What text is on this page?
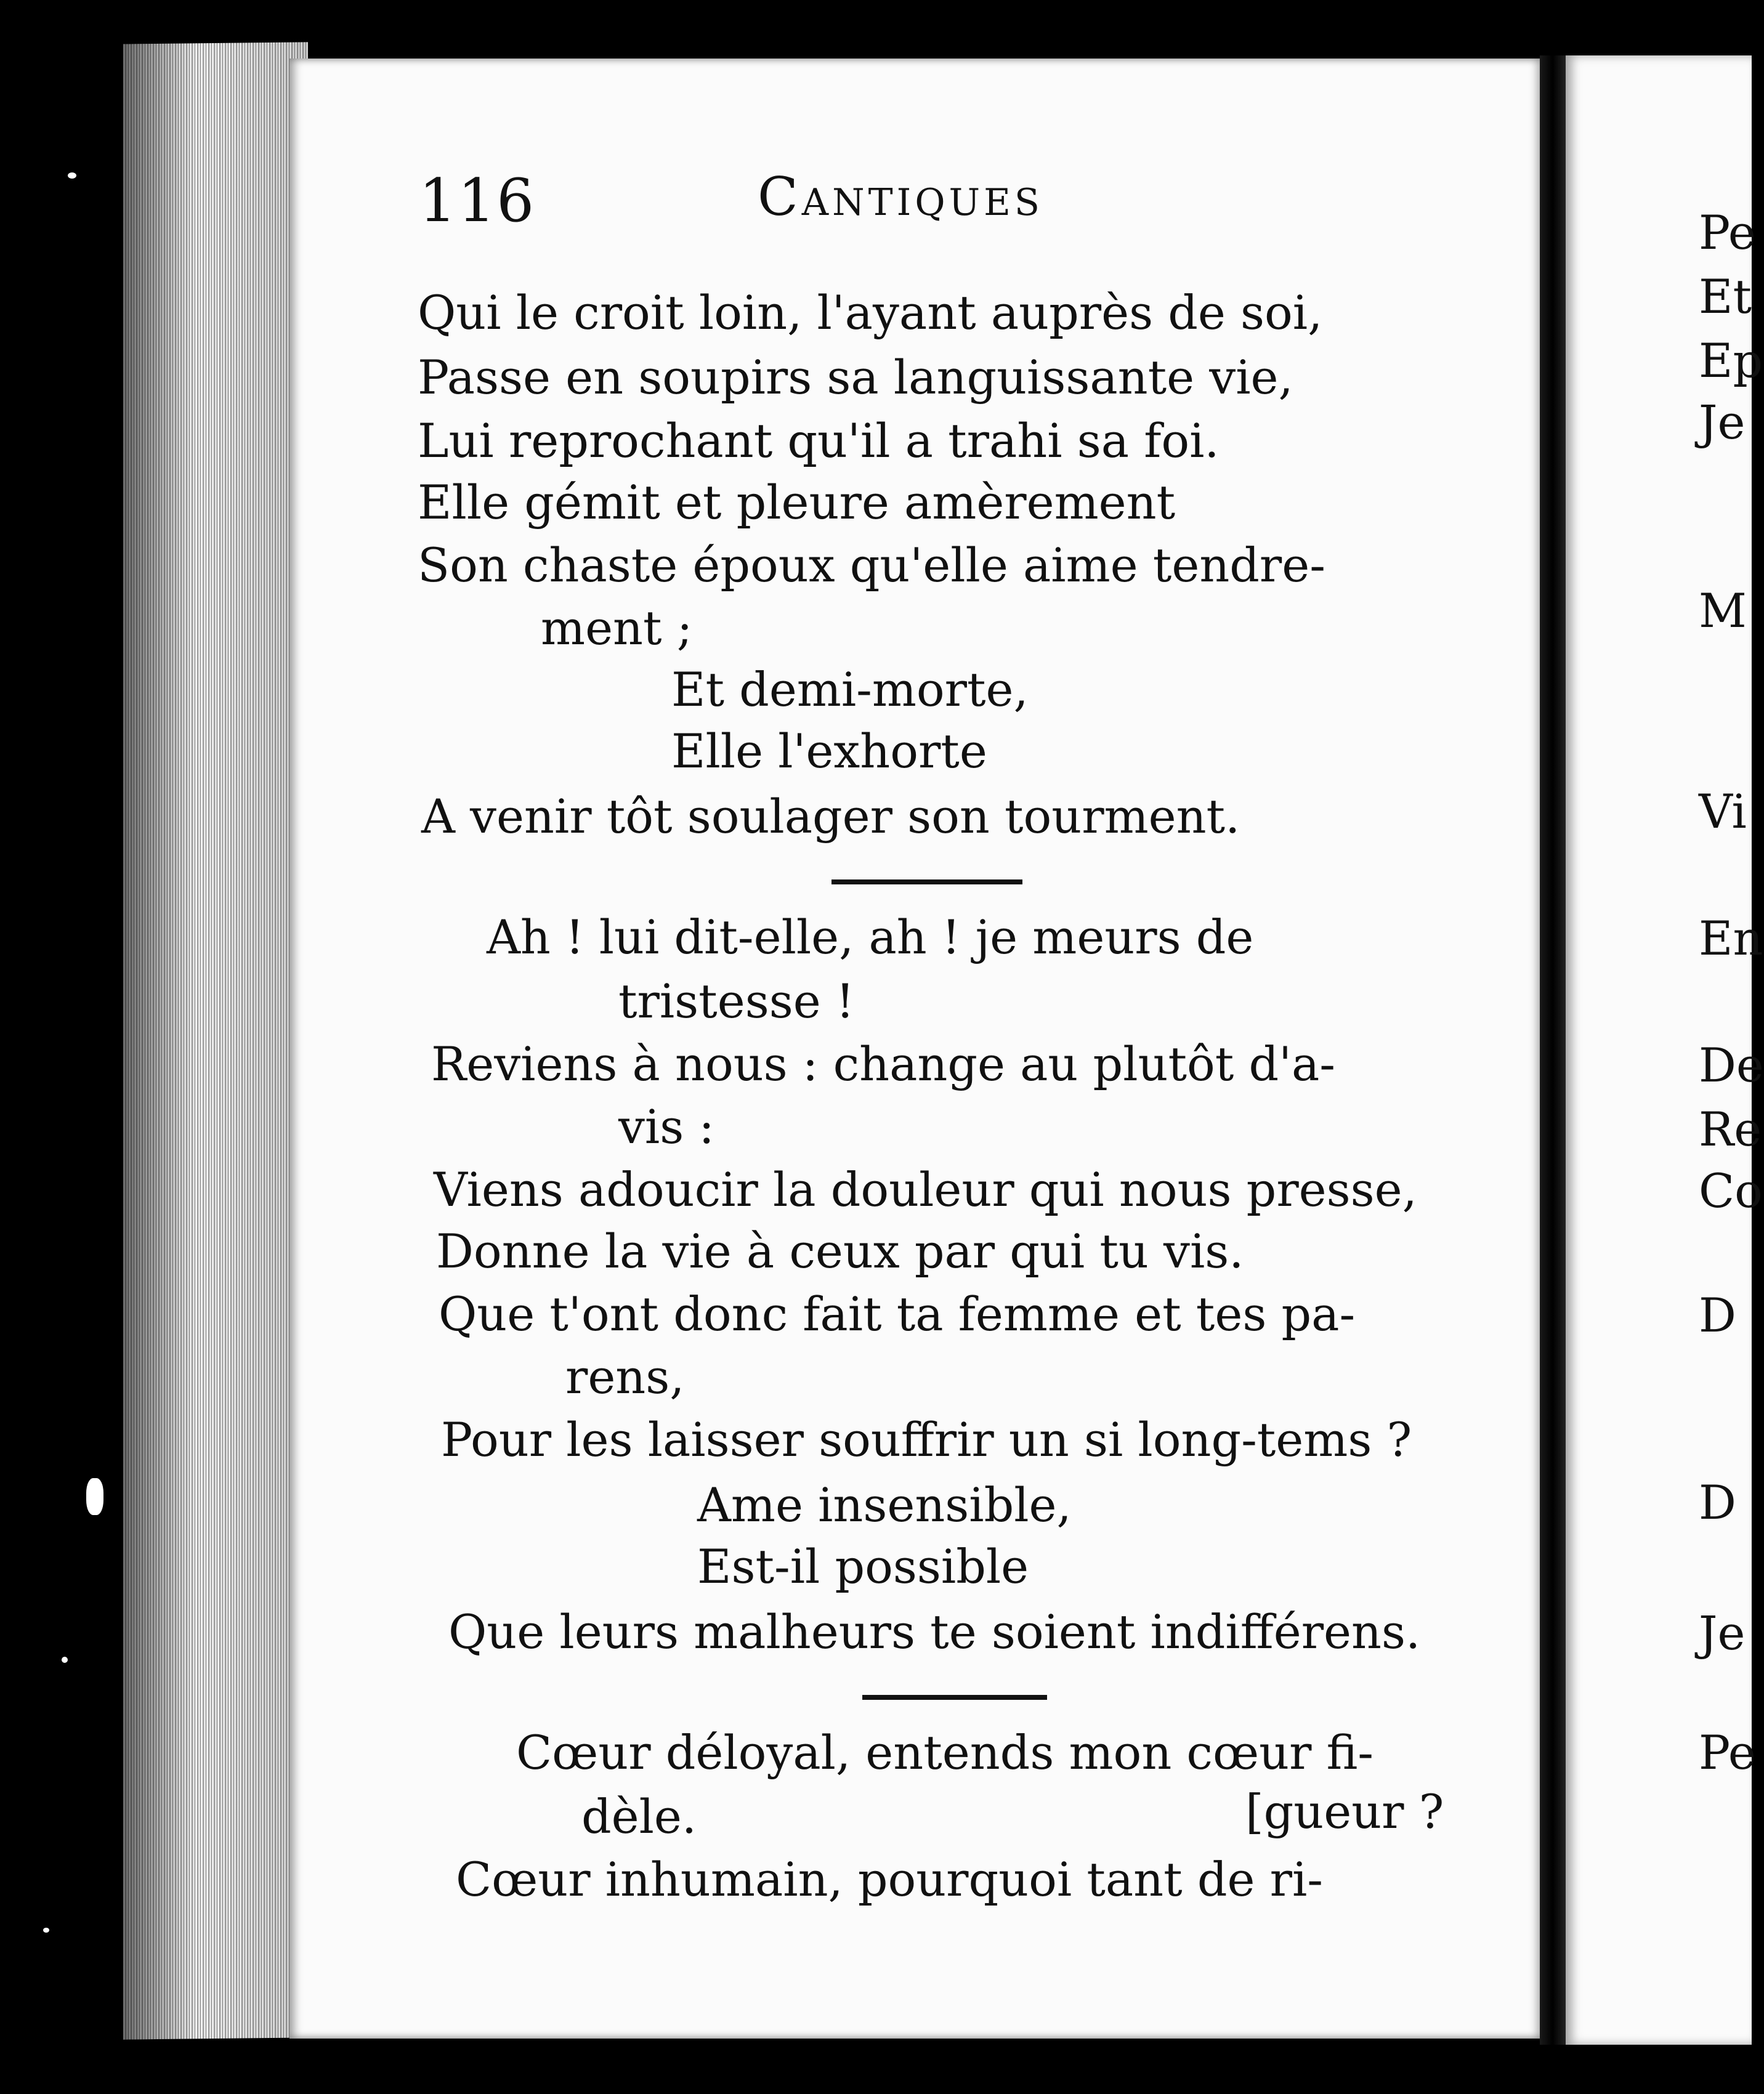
116	Cantiques
Qui le croit loin, l'ayant auprès de soi,
Passe en soupirs sa languissante vie,
Lui reprochant qu'il a trahi sa foi.
Elle gémit et pleure amèrement
Son chaste époux qu'elle aime tendre-
ment ;
Et demi-morte,
Elle l'exhorte
A venir tôt soulager son tourment.
Ah ! lui dit-elle, ah ! je meurs de
tristesse !
Reviens à nous : change au plutôt d'a-
vis :
Viens adoucir la douleur qui nous presse,
Donne la vie à ceux par qui tu vis.
Que t'ont donc fait ta femme et tes pa-
rens,
Pour les laisser souffrir un si long-tems ?
Ame insensible,
Est-il possible
Que leurs malheurs te soient indifférens.
Cœur déloyal, entends mon cœur fi-
dèle.	[gueur ?
Cœur inhumain, pourquoi tant de ri-
Pe
Et
Ep
Je
M
Vi
En
De
Re
Co
D
D
Je
Pe
